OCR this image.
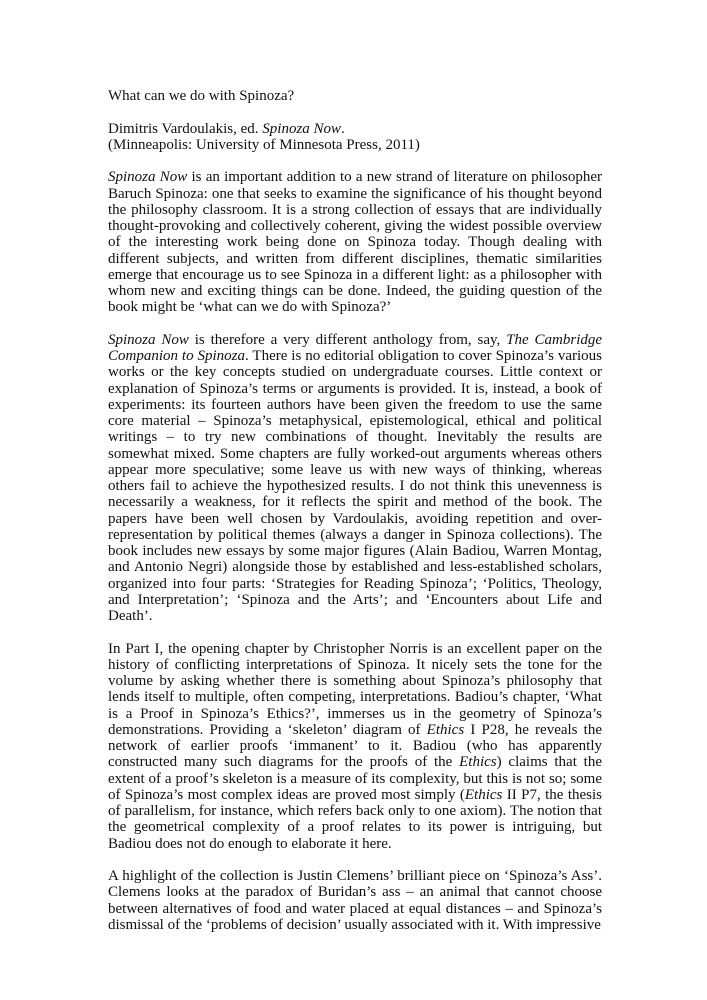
What can we do with Spinoza?

Dimitris Vardoulakis, ed. Spinoza Now.

(Minneapolis: University of Minnesota Press, 2011)

Spinoza Now is an important addition to a new strand of literature on philosopher Baruch Spinoza: one that seeks to examine the significance of his thought beyond the philosophy classroom. It is a strong collection of essays that are individually thought-provoking and collectively coherent, giving the widest possible overview of the interesting work being done on Spinoza today. Though dealing with different subjects, and written from different disciplines, thematic similarities emerge that encourage us to see Spinoza in a different light: as a philosopher with whom new and exciting things can be done. Indeed, the guiding question of the book might be ‘what can we do with Spinoza?’

Spinoza Now is therefore a very different anthology from, say, The Cambridge Companion to Spinoza. There is no editorial obligation to cover Spinoza’s various works or the key concepts studied on undergraduate courses. Little context or explanation of Spinoza’s terms or arguments is provided. It is, instead, a book of experiments: its fourteen authors have been given the freedom to use the same core material – Spinoza’s metaphysical, epistemological, ethical and political writings – to try new combinations of thought. Inevitably the results are somewhat mixed. Some chapters are fully worked-out arguments whereas others appear more speculative; some leave us with new ways of thinking, whereas others fail to achieve the hypothesized results. I do not think this unevenness is necessarily a weakness, for it reflects the spirit and method of the book. The papers have been well chosen by Vardoulakis, avoiding repetition and over-representation by political themes (always a danger in Spinoza collections). The book includes new essays by some major figures (Alain Badiou, Warren Montag, and Antonio Negri) alongside those by established and less-established scholars, organized into four parts: ‘Strategies for Reading Spinoza’; ‘Politics, Theology, and Interpretation’; ‘Spinoza and the Arts’; and ‘Encounters about Life and Death’.

In Part I, the opening chapter by Christopher Norris is an excellent paper on the history of conflicting interpretations of Spinoza. It nicely sets the tone for the volume by asking whether there is something about Spinoza’s philosophy that lends itself to multiple, often competing, interpretations. Badiou’s chapter, ‘What is a Proof in Spinoza’s Ethics?’, immerses us in the geometry of Spinoza’s demonstrations. Providing a ‘skeleton’ diagram of Ethics I P28, he reveals the network of earlier proofs ‘immanent’ to it. Badiou (who has apparently constructed many such diagrams for the proofs of the Ethics) claims that the extent of a proof’s skeleton is a measure of its complexity, but this is not so; some of Spinoza’s most complex ideas are proved most simply (Ethics II P7, the thesis of parallelism, for instance, which refers back only to one axiom). The notion that the geometrical complexity of a proof relates to its power is intriguing, but Badiou does not do enough to elaborate it here.

A highlight of the collection is Justin Clemens’ brilliant piece on ‘Spinoza’s Ass’. Clemens looks at the paradox of Buridan’s ass – an animal that cannot choose between alternatives of food and water placed at equal distances – and Spinoza’s dismissal of the ‘problems of decision’ usually associated with it. With impressive
